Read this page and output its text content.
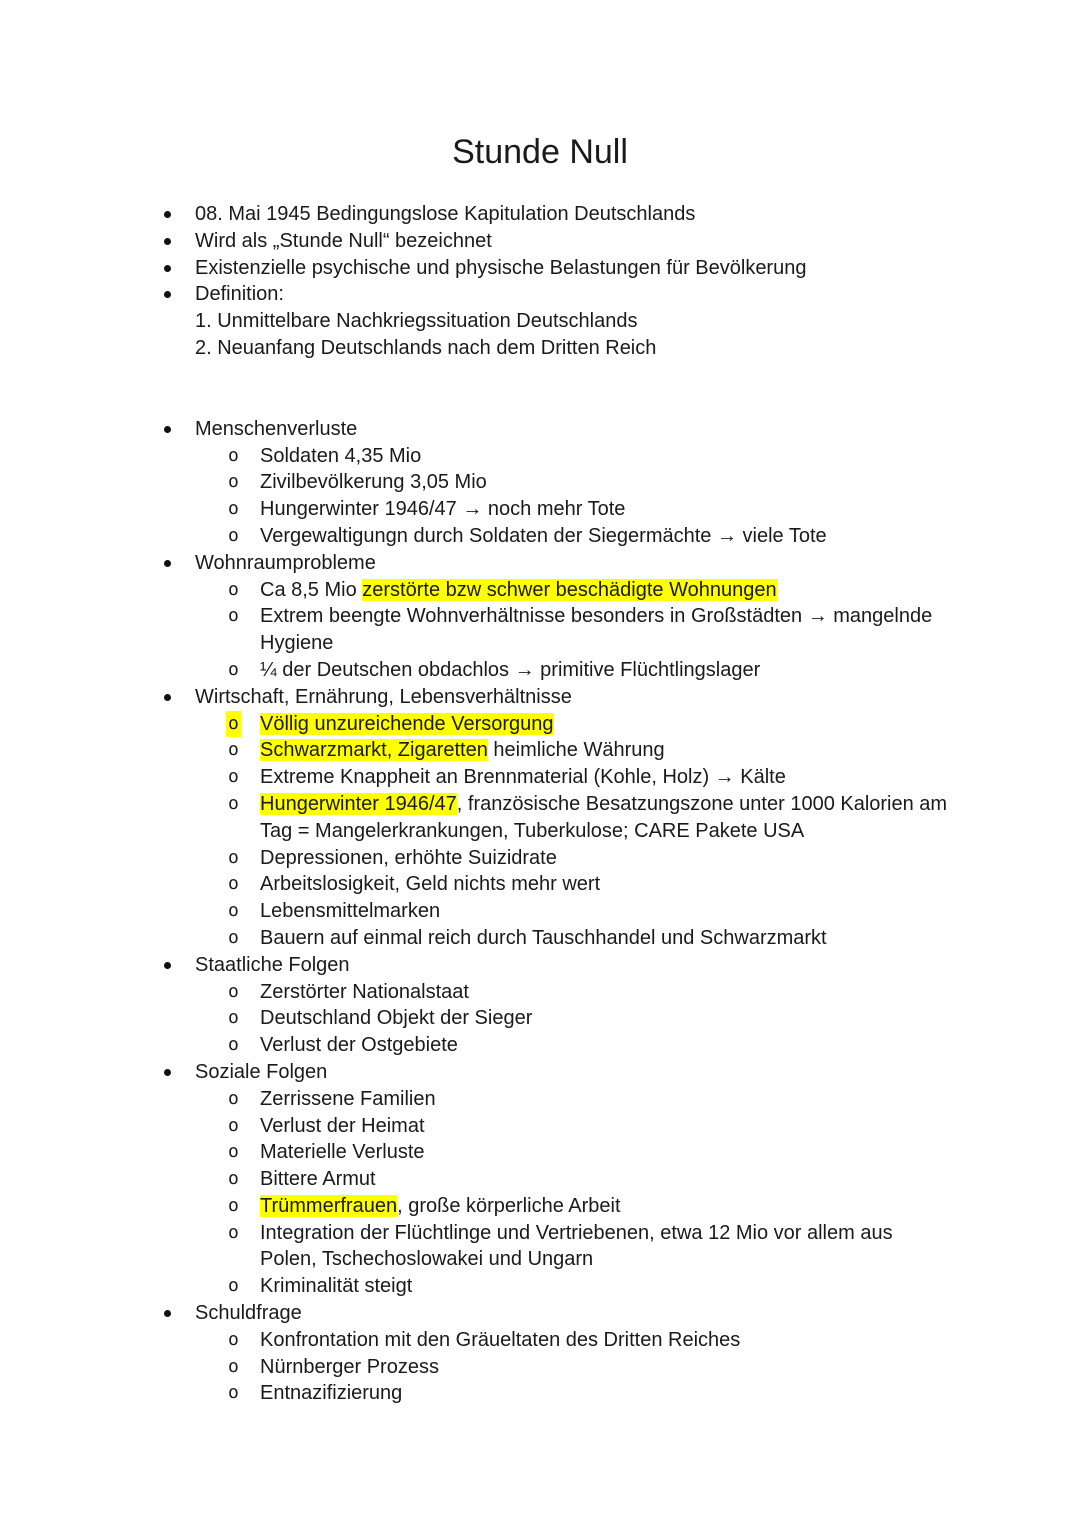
Stunde Null
08. Mai 1945 Bedingungslose Kapitulation Deutschlands
Wird als „Stunde Null“ bezeichnet
Existenzielle psychische und physische Belastungen für Bevölkerung
Definition:
1. Unmittelbare Nachkriegssituation Deutschlands
2. Neuanfang Deutschlands nach dem Dritten Reich
Menschenverluste
o Soldaten 4,35 Mio
o Zivilbevölkerung 3,05 Mio
o Hungerwinter 1946/47 → noch mehr Tote
o Vergewaltigungn durch Soldaten der Siegermächte → viele Tote
Wohnraumprobleme
o Ca 8,5 Mio zerstörte bzw schwer beschädigte Wohnungen
o Extrem beengte Wohnverhältnisse besonders in Großstädten → mangelnde Hygiene
o ¼ der Deutschen obdachlos → primitive Flüchtlingslager
Wirtschaft, Ernährung, Lebensverhältnisse
o Völlig unzureichende Versorgung
o Schwarzmarkt, Zigaretten heimliche Währung
o Extreme Knappheit an Brennmaterial (Kohle, Holz) → Kälte
o Hungerwinter 1946/47, französische Besatzungszone unter 1000 Kalorien am Tag = Mangelerkrankungen, Tuberkulose; CARE Pakete USA
o Depressionen, erhöhte Suizidrate
o Arbeitslosigkeit, Geld nichts mehr wert
o Lebensmittelmarken
o Bauern auf einmal reich durch Tauschhandel und Schwarzmarkt
Staatliche Folgen
o Zerstörter Nationalstaat
o Deutschland Objekt der Sieger
o Verlust der Ostgebiete
Soziale Folgen
o Zerrissene Familien
o Verlust der Heimat
o Materielle Verluste
o Bittere Armut
o Trümmerfrauen, große körperliche Arbeit
o Integration der Flüchtlinge und Vertriebenen, etwa 12 Mio vor allem aus Polen, Tschechoslowakei und Ungarn
o Kriminalität steigt
Schuldfrage
o Konfrontation mit den Gräueltaten des Dritten Reiches
o Nürnberger Prozess
o Entnazifizierung
